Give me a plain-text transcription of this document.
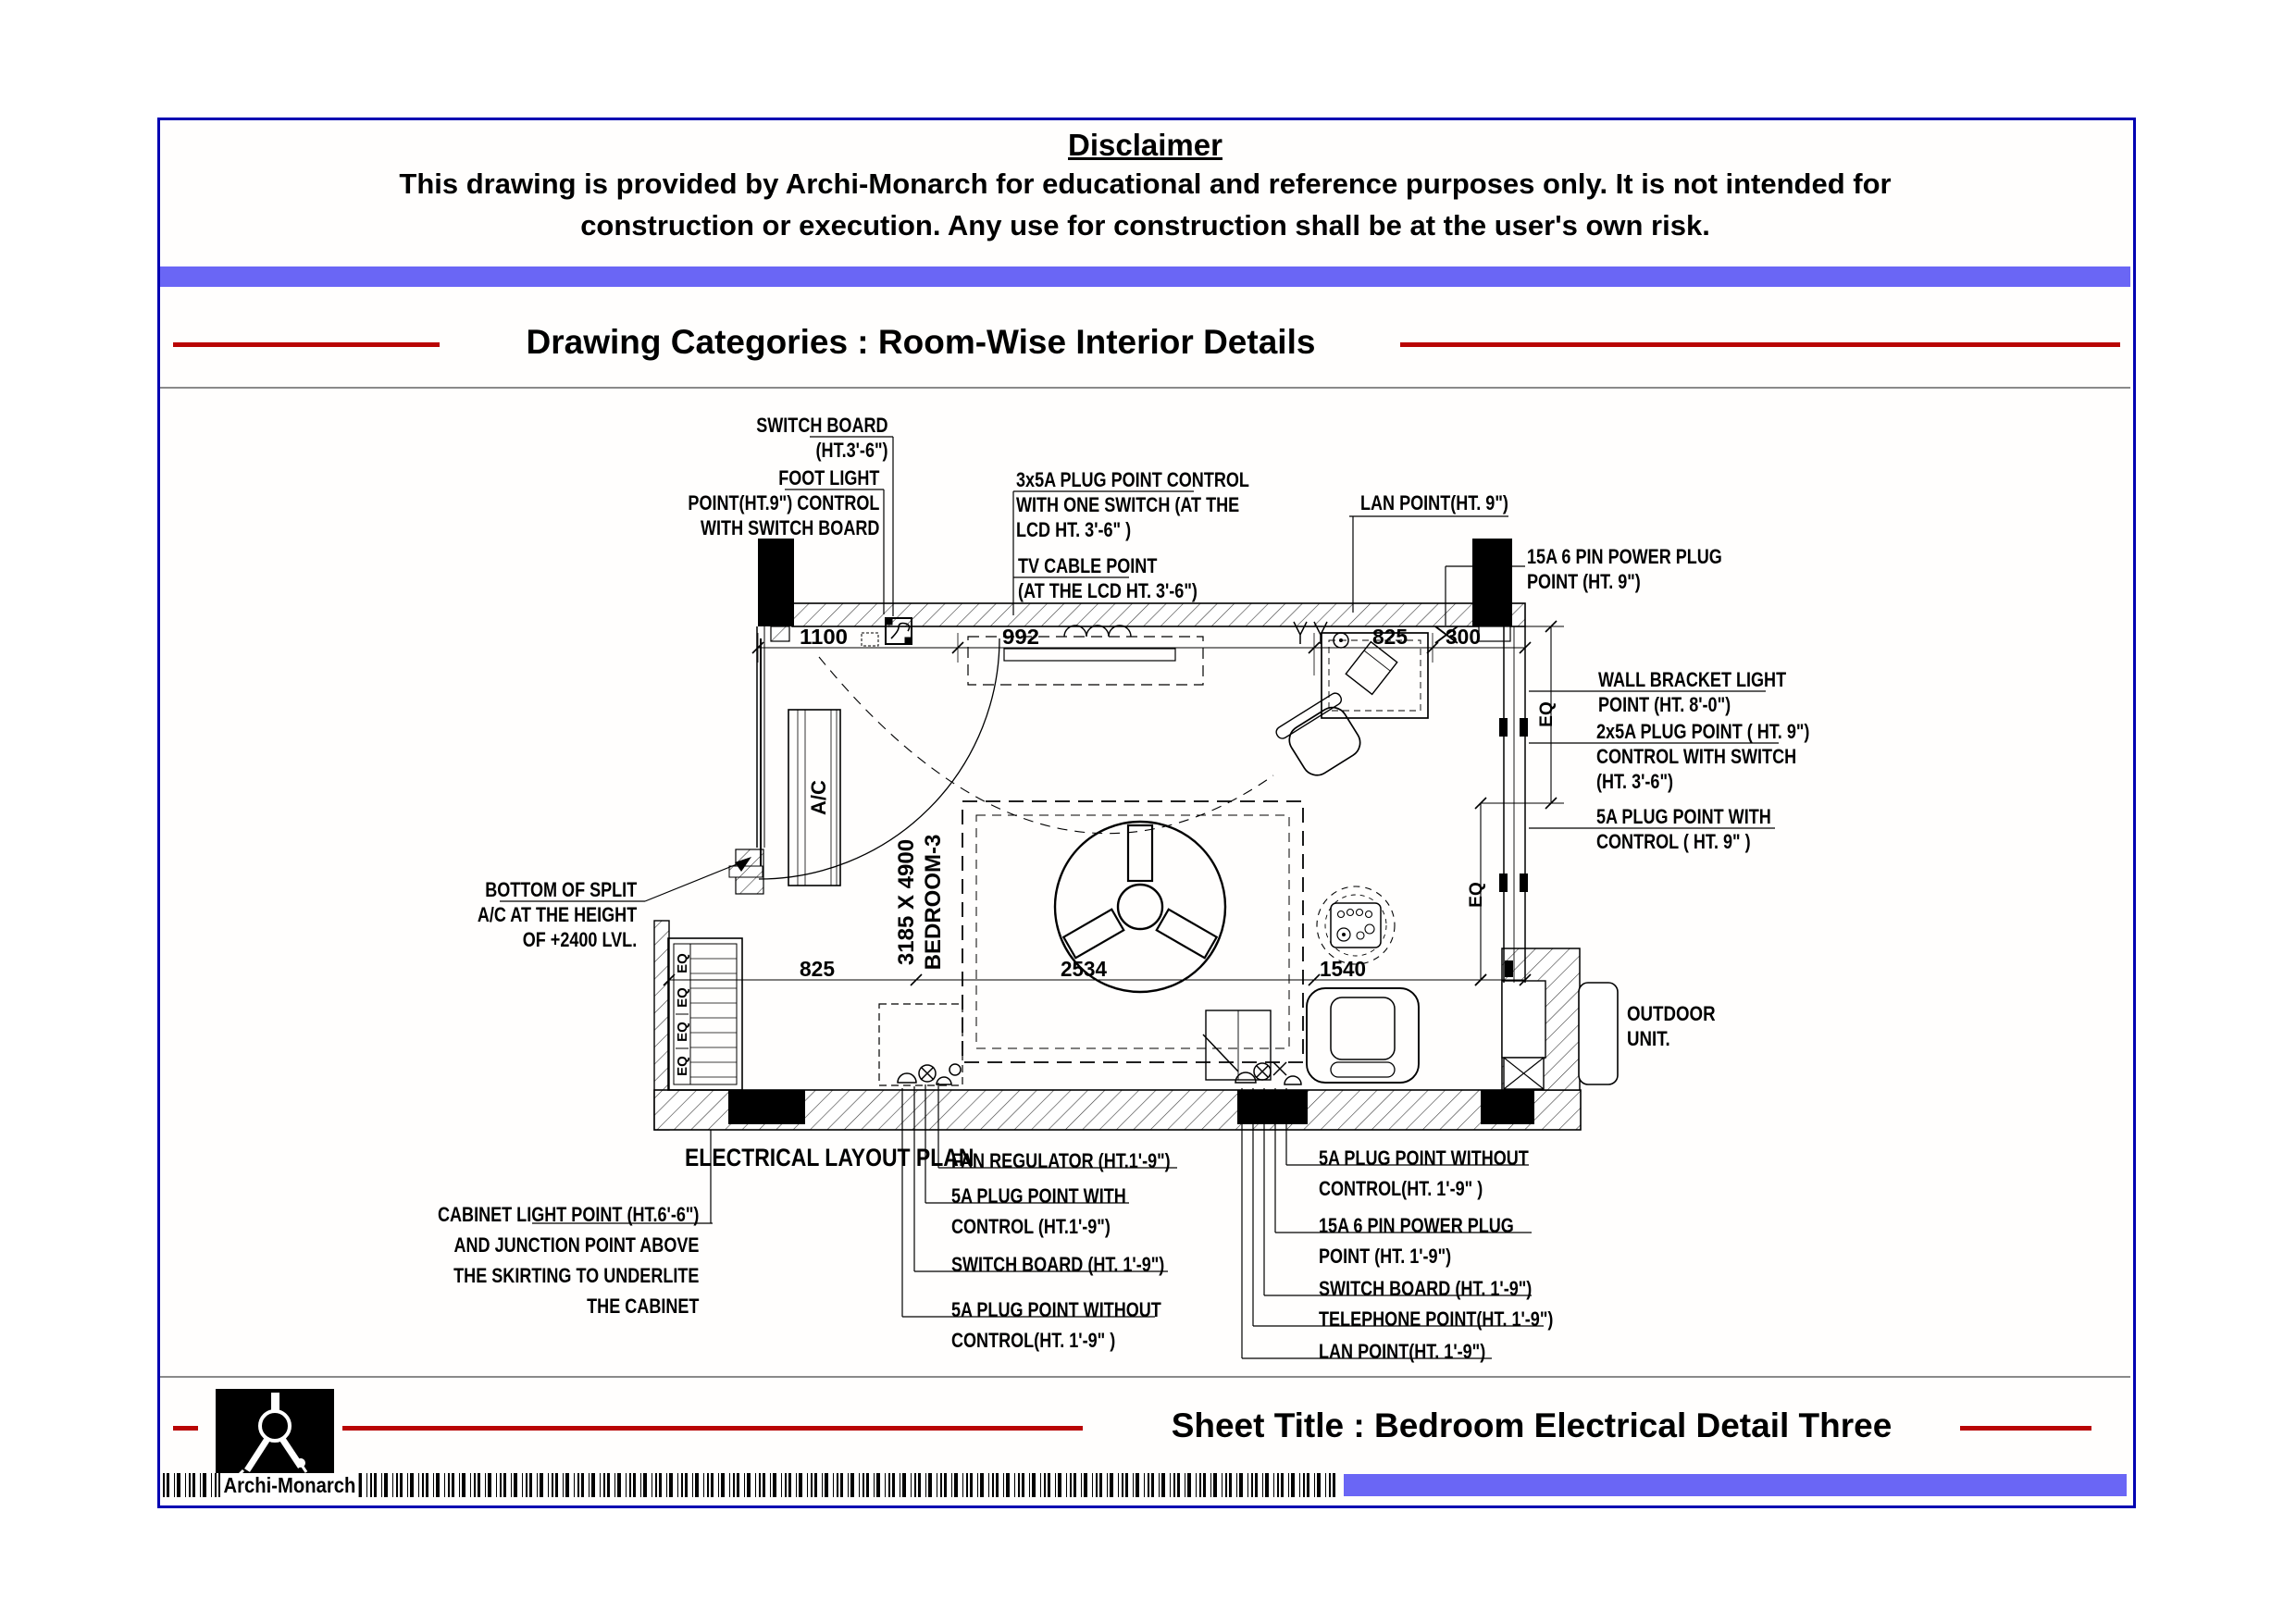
Disclaimer
This drawing is provided by Archi-Monarch for educational and reference purposes only. It is not intended for
construction or execution. Any use for construction shall be at the user's own risk.
Drawing Categories : Room-Wise Interior Details
A/C
EQ
EQ
EQ
EQ
1100	992	825 300
825	2534	1540
EQ
EQ
BEDROOM-3
3185 X 4900
SWITCH BOARD
(HT.3'-6")
FOOT LIGHT
POINT(HT.9") CONTROL
WITH SWITCH BOARD
3x5A PLUG POINT CONTROL
WITH ONE SWITCH (AT THE
LCD HT. 3'-6" )
TV CABLE POINT
(AT THE LCD HT. 3'-6")
LAN POINT(HT. 9")
15A 6 PIN POWER PLUG
POINT (HT. 9")
WALL BRACKET LIGHT
POINT (HT. 8'-0")
2x5A PLUG POINT ( HT. 9")
CONTROL WITH SWITCH
(HT. 3'-6")
5A PLUG POINT WITH
CONTROL ( HT. 9" )
BOTTOM OF SPLIT
A/C AT THE HEIGHT
OF +2400 LVL.
CABINET LIGHT POINT (HT.6'-6")
AND JUNCTION POINT ABOVE
THE SKIRTING TO UNDERLITE
THE CABINET
ELECTRICAL LAYOUT PLAN
FAN REGULATOR (HT.1'-9")
5A PLUG POINT WITH
CONTROL (HT.1'-9")
SWITCH BOARD (HT. 1'-9")
5A PLUG POINT WITHOUT
CONTROL(HT. 1'-9" )
5A PLUG POINT WITHOUT
CONTROL(HT. 1'-9" )
15A 6 PIN POWER PLUG
POINT (HT. 1'-9")
SWITCH BOARD (HT. 1'-9")
TELEPHONE POINT(HT. 1'-9")
LAN POINT(HT. 1'-9")
OUTDOOR
UNIT.
Sheet Title : Bedroom Electrical Detail Three
Archi-Monarch
